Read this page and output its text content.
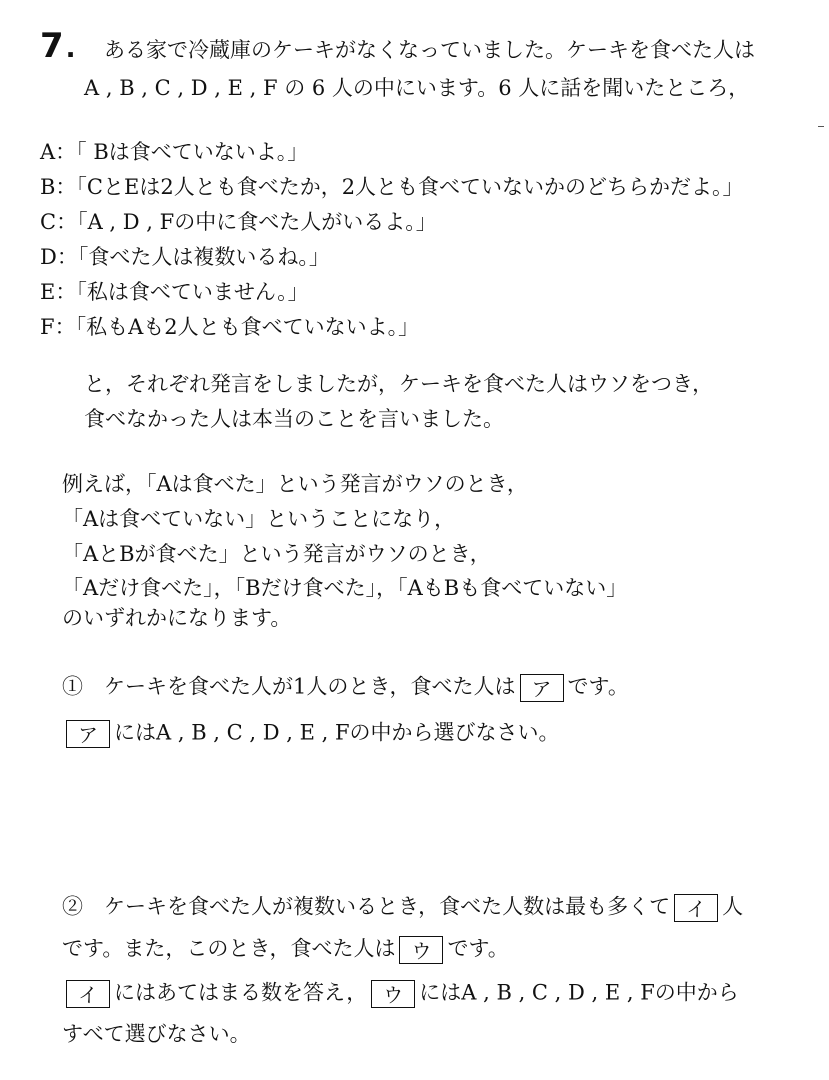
7. ある家で冷蔵庫のケーキがなくなっていました。ケーキを食べた人は
A , B , C , D , E , F の 6 人の中にいます。6 人に話を聞いたところ，
A：「 Bは食べていないよ。」
B：「CとEは2人とも食べたか，2人とも食べていないかのどちらかだよ。」
C：「A , D , Fの中に食べた人がいるよ。」
D：「食べた人は複数いるね。」
E：「私は食べていません。」
F：「私もAも2人とも食べていないよ。」
と，それぞれ発言をしましたが，ケーキを食べた人はウソをつき，
食べなかった人は本当のことを言いました。
例えば，「Aは食べた」という発言がウソのとき，
「Aは食べていない」ということになり，
「AとBが食べた」という発言がウソのとき，
「Aだけ食べた」，「Bだけ食べた」，「AもBも食べていない」
のいずれかになります。
①　ケーキを食べた人が1人のとき，食べた人は ア です。
ア にはA , B , C , D , E , Fの中から選びなさい。
②　ケーキを食べた人が複数いるとき，食べた人数は最も多くて イ 人
です。また，このとき，食べた人は ウ です。
イ にはあてはまる数を答え， ウ にはA , B , C , D , E , Fの中から
すべて選びなさい。
